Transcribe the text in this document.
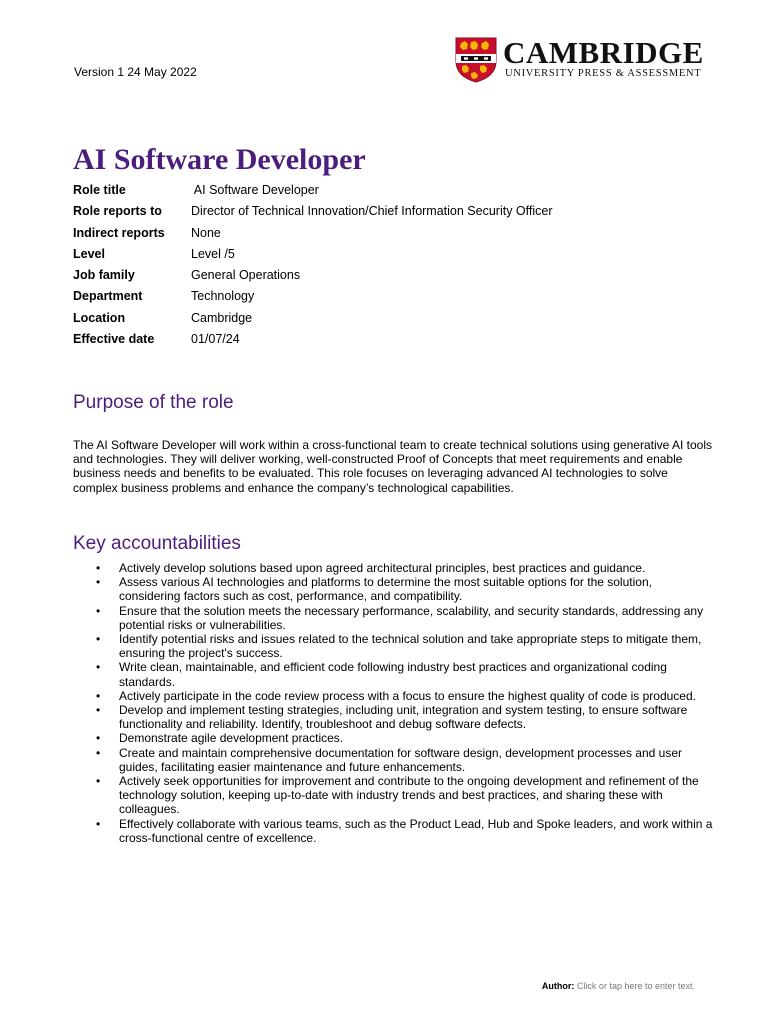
Version 1 24 May 2022
CAMBRIDGE
UNIVERSITY PRESS & ASSESSMENT
AI Software Developer
Role title	AI Software Developer
Role reports to	Director of Technical Innovation/Chief Information Security Officer
Indirect reports	None
Level	Level /5
Job family	General Operations
Department	Technology
Location	Cambridge
Effective date	01/07/24
Purpose of the role

The AI Software Developer will work within a cross-functional team to create technical solutions using generative AI tools and technologies. They will deliver working, well-constructed Proof of Concepts that meet requirements and enable business needs and benefits to be evaluated. This role focuses on leveraging advanced AI technologies to solve complex business problems and enhance the company’s technological capabilities.

Key accountabilities
• Actively develop solutions based upon agreed architectural principles, best practices and guidance.
• Assess various AI technologies and platforms to determine the most suitable options for the solution, considering factors such as cost, performance, and compatibility.
• Ensure that the solution meets the necessary performance, scalability, and security standards, addressing any potential risks or vulnerabilities.
• Identify potential risks and issues related to the technical solution and take appropriate steps to mitigate them, ensuring the project's success.
• Write clean, maintainable, and efficient code following industry best practices and organizational coding standards.
• Actively participate in the code review process with a focus to ensure the highest quality of code is produced.
• Develop and implement testing strategies, including unit, integration and system testing, to ensure software functionality and reliability. Identify, troubleshoot and debug software defects.
• Demonstrate agile development practices.
• Create and maintain comprehensive documentation for software design, development processes and user guides, facilitating easier maintenance and future enhancements.
• Actively seek opportunities for improvement and contribute to the ongoing development and refinement of the technology solution, keeping up-to-date with industry trends and best practices, and sharing these with colleagues.
• Effectively collaborate with various teams, such as the Product Lead, Hub and Spoke leaders, and work within a cross-functional centre of excellence.
Author: Click or tap here to enter text.
